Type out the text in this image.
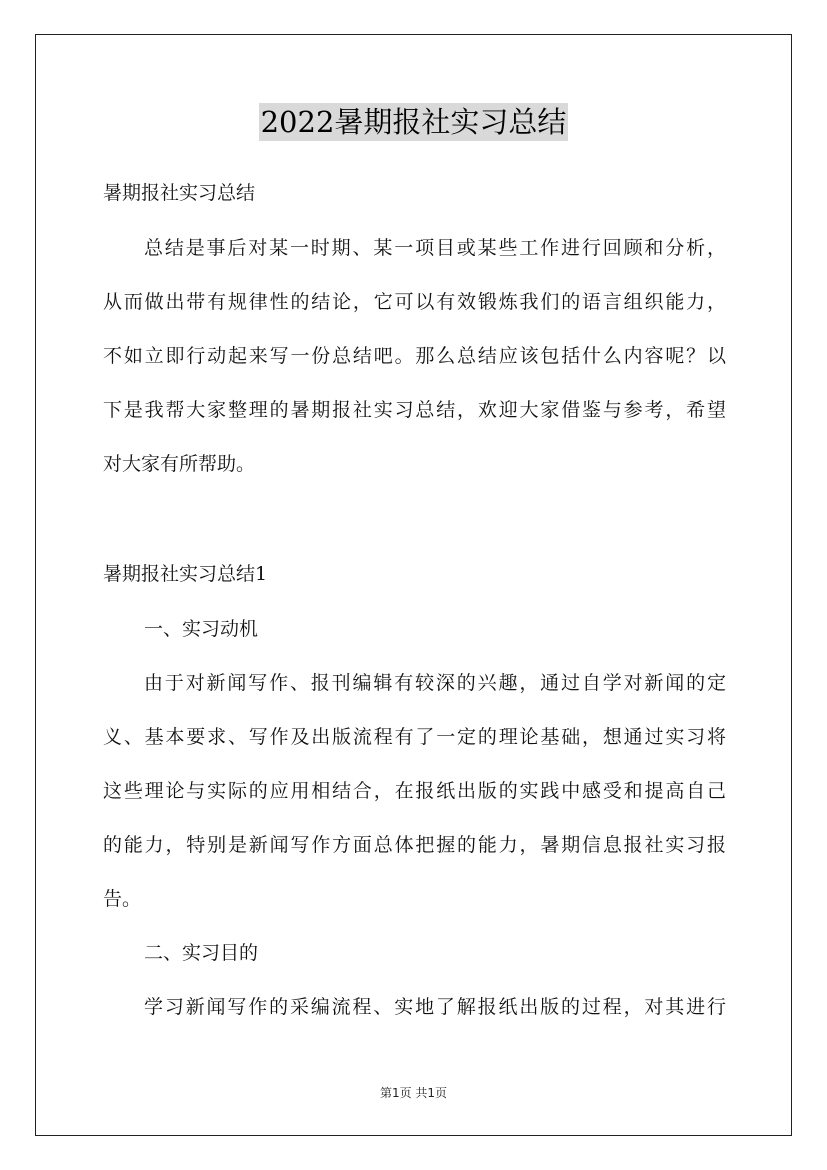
2022暑期报社实习总结
暑期报社实习总结
总结是事后对某一时期、某一项目或某些工作进行回顾和分析，
从而做出带有规律性的结论，它可以有效锻炼我们的语言组织能力，
不如立即行动起来写一份总结吧。那么总结应该包括什么内容呢？以
下是我帮大家整理的暑期报社实习总结，欢迎大家借鉴与参考，希望
对大家有所帮助。
暑期报社实习总结1
一、实习动机
由于对新闻写作、报刊编辑有较深的兴趣，通过自学对新闻的定
义、基本要求、写作及出版流程有了一定的理论基础，想通过实习将
这些理论与实际的应用相结合，在报纸出版的实践中感受和提高自己
的能力，特别是新闻写作方面总体把握的能力，暑期信息报社实习报
告。
二、实习目的
学习新闻写作的采编流程、实地了解报纸出版的过程，对其进行
第1页 共1页
